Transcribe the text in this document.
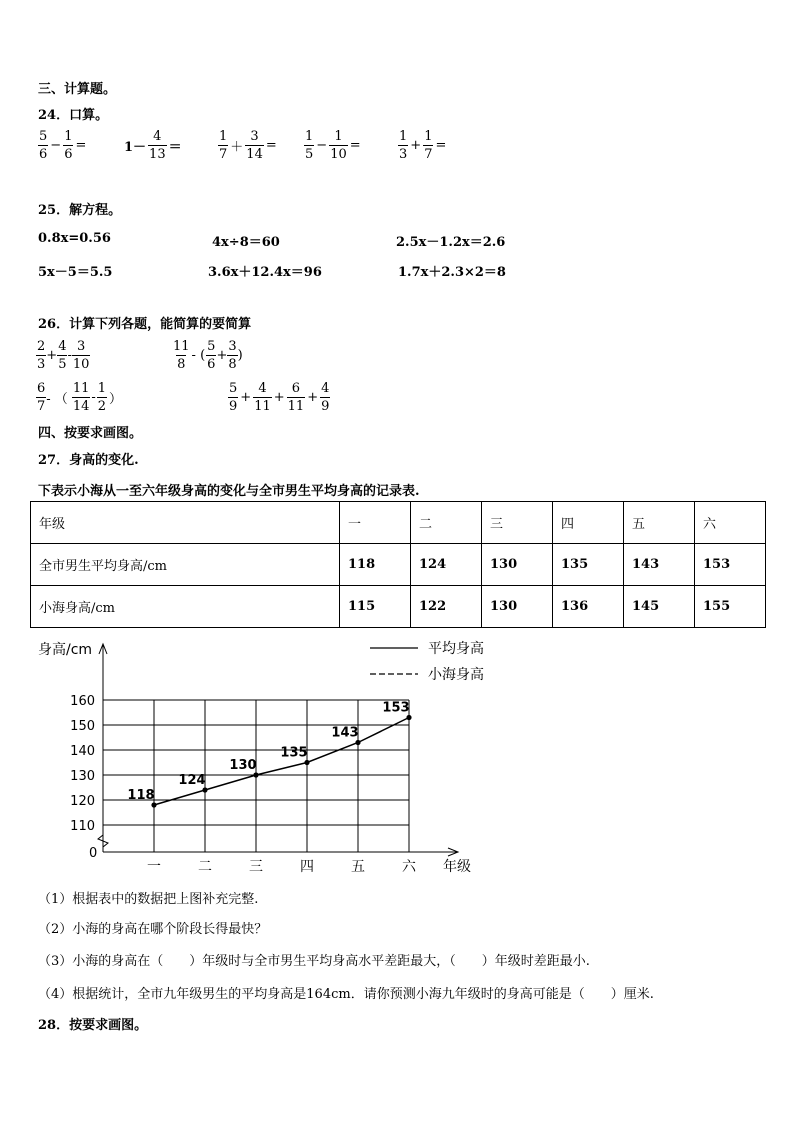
三、计算题。
24．口算。
$\frac{5}{6} - \frac{1}{6}$ =	$1- \frac{4}{13}$ ＝	$\frac{1}{7} + \frac{3}{14} = \frac{1}{5} - \frac{1}{10}$ =	$\frac{1}{3} + \frac{1}{7}$ =
25．解方程。
0.8x=0.56	4x÷8＝60	2.5x－1.2x＝2.6
5x－5＝5.5	3.6x＋12.4x＝96	1.7x＋2.3×2＝8
26．计算下列各题，能简算的要简算
$\frac{2}{3} + \frac{4}{5} - \frac{3}{10}$	$\frac{11}{8}$ - ( $\frac{5}{6} + \frac{3}{8}$ )
$\frac{6}{7}$ - （ $\frac{11}{14} - \frac{1}{2}$ ）	$\frac{5}{9} + \frac{4}{11} + \frac{6}{11} + \frac{4}{9}$
四、按要求画图。
27．身高的变化.
下表示小海从一至六年级身高的变化与全市男生平均身高的记录表.
年级	一	二	三	四	五	六
全市男生平均身高/cm	118	124	130	135	143	153
小海身高/cm	115	122	130	136	145	155
160
150
140
130
120
110
身高/cm
0
年级
一	二	三	四	五	六
118
124
130
135
143
153
平均身高
小海身高
（1）根据表中的数据把上图补充完整.
（2）小海的身高在哪个阶段长得最快？
（3）小海的身高在（　　）年级时与全市男生平均身高水平差距最大，（　　）年级时差距最小.
（4）根据统计，全市九年级男生的平均身高是164cm．请你预测小海九年级时的身高可能是（　　）厘米.
28．按要求画图。
